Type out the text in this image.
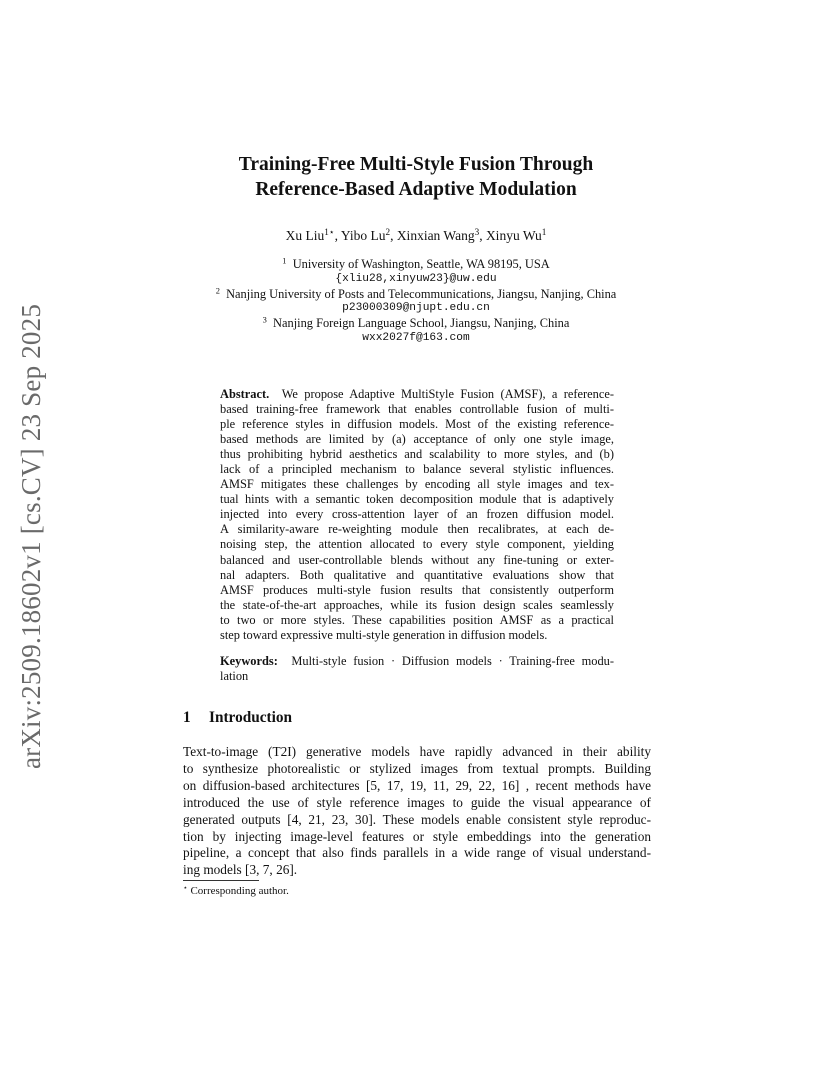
arXiv:2509.18602v1 [cs.CV] 23 Sep 2025
Training-Free Multi-Style Fusion Through
Reference-Based Adaptive Modulation
Xu Liu$^{1⋆}$, Yibo Lu$^2$, Xinxian Wang$^3$, Xinyu Wu$^1$
$^1$ University of Washington, Seattle, WA 98195, USA
{xliu28,xinyuw23}@uw.edu
$^2$ Nanjing University of Posts and Telecommunications, Jiangsu, Nanjing, China
p23000309@njupt.edu.cn
$^3$ Nanjing Foreign Language School, Jiangsu, Nanjing, China
wxx2027f@163.com
Abstract. We propose Adaptive MultiStyle Fusion (AMSF), a reference-
based training-free framework that enables controllable fusion of multi-
ple reference styles in diffusion models. Most of the existing reference-
based methods are limited by (a) acceptance of only one style image,
thus prohibiting hybrid aesthetics and scalability to more styles, and (b)
lack of a principled mechanism to balance several stylistic influences.
AMSF mitigates these challenges by encoding all style images and tex-
tual hints with a semantic token decomposition module that is adaptively
injected into every cross-attention layer of an frozen diffusion model.
A similarity-aware re-weighting module then recalibrates, at each de-
noising step, the attention allocated to every style component, yielding
balanced and user-controllable blends without any fine-tuning or exter-
nal adapters. Both qualitative and quantitative evaluations show that
AMSF produces multi-style fusion results that consistently outperform
the state-of-the-art approaches, while its fusion design scales seamlessly
to two or more styles. These capabilities position AMSF as a practical
step toward expressive multi-style generation in diffusion models.
Keywords: Multi-style fusion · Diffusion models · Training-free modu-
lation
1 Introduction
Text-to-image (T2I) generative models have rapidly advanced in their ability
to synthesize photorealistic or stylized images from textual prompts. Building
on diffusion-based architectures [5, 17, 19, 11, 29, 22, 16] , recent methods have
introduced the use of style reference images to guide the visual appearance of
generated outputs [4, 21, 23, 30]. These models enable consistent style reproduc-
tion by injecting image-level features or style embeddings into the generation
pipeline, a concept that also finds parallels in a wide range of visual understand-
ing models [3, 7, 26].
⋆ Corresponding author.
